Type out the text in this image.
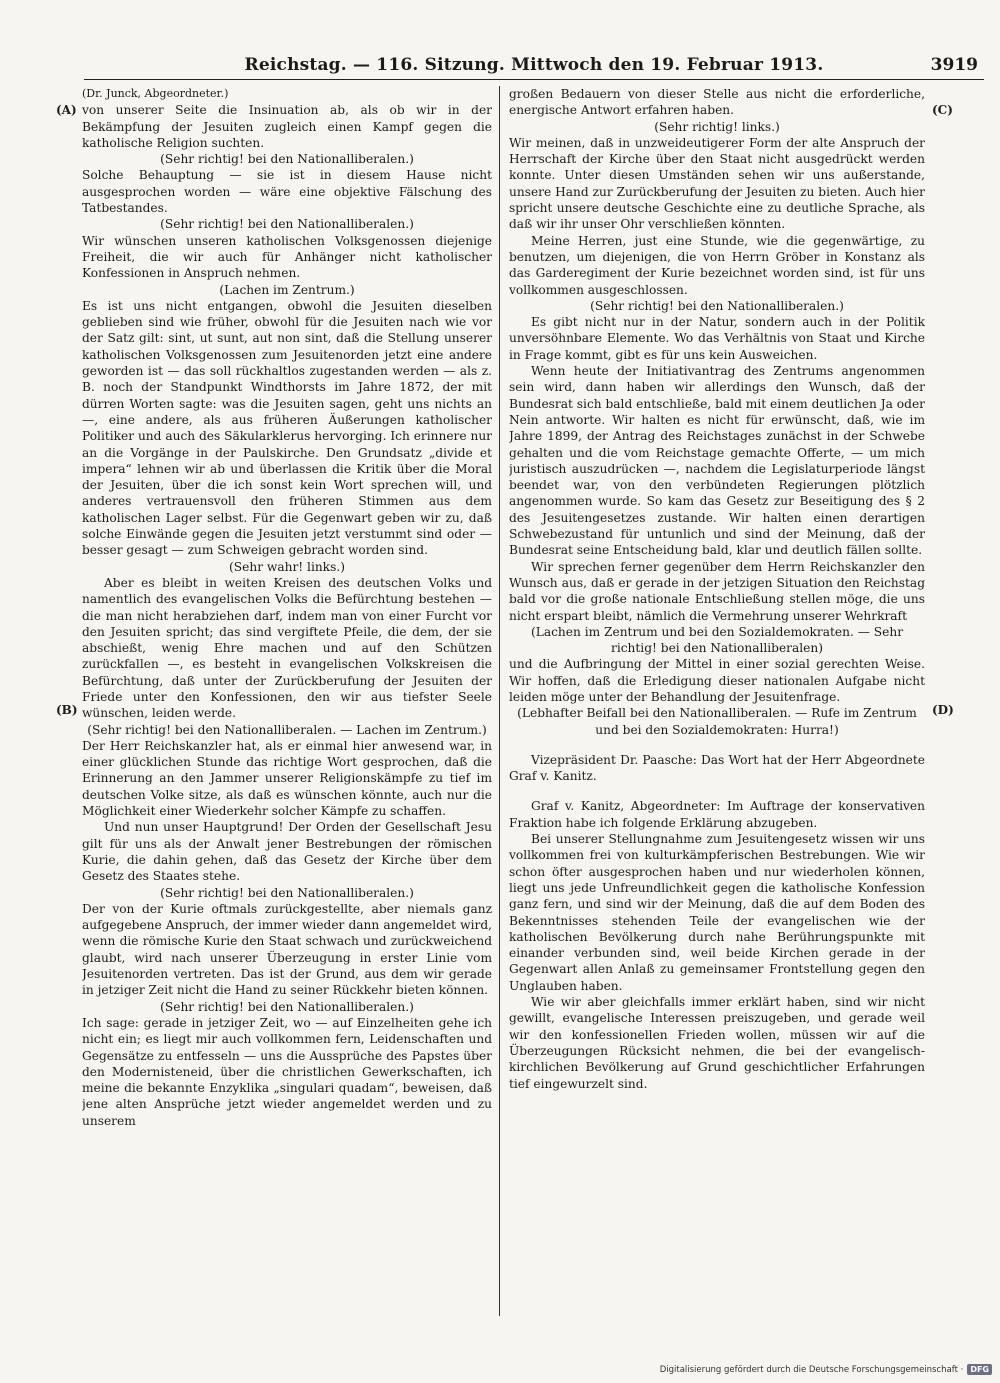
Reichstag. — 116. Sitzung. Mittwoch den 19. Februar 1913.	3919
(A)
(B)
(C)
(D)

(Dr. Junck, Abgeordneter.)

von unserer Seite die Insinuation ab, als ob wir in der Bekämpfung der Jesuiten zugleich einen Kampf gegen die katholische Religion suchten.

(Sehr richtig! bei den Nationalliberalen.)

Solche Behauptung — sie ist in diesem Hause nicht ausgesprochen worden — wäre eine objektive Fälschung des Tatbestandes.

(Sehr richtig! bei den Nationalliberalen.)

Wir wünschen unseren katholischen Volksgenossen diejenige Freiheit, die wir auch für Anhänger nicht katholischer Konfessionen in Anspruch nehmen.

(Lachen im Zentrum.)

Es ist uns nicht entgangen, obwohl die Jesuiten dieselben geblieben sind wie früher, obwohl für die Jesuiten nach wie vor der Satz gilt: sint, ut sunt, aut non sint, daß die Stellung unserer katholischen Volksgenossen zum Jesuitenorden jetzt eine andere geworden ist — das soll rückhaltlos zugestanden werden — als z. B. noch der Standpunkt Windthorsts im Jahre 1872, der mit dürren Worten sagte: was die Jesuiten sagen, geht uns nichts an —, eine andere, als aus früheren Äußerungen katholischer Politiker und auch des Säkularklerus hervorging. Ich erinnere nur an die Vorgänge in der Paulskirche. Den Grundsatz „divide et impera“ lehnen wir ab und überlassen die Kritik über die Moral der Jesuiten, über die ich sonst kein Wort sprechen will, und anderes vertrauensvoll den früheren Stimmen aus dem katholischen Lager selbst. Für die Gegenwart geben wir zu, daß solche Einwände gegen die Jesuiten jetzt verstummt sind oder — besser gesagt — zum Schweigen gebracht worden sind.

(Sehr wahr! links.)

Aber es bleibt in weiten Kreisen des deutschen Volks und namentlich des evangelischen Volks die Befürchtung bestehen — die man nicht herabziehen darf, indem man von einer Furcht vor den Jesuiten spricht; das sind vergiftete Pfeile, die dem, der sie abschießt, wenig Ehre machen und auf den Schützen zurückfallen —, es besteht in evangelischen Volkskreisen die Befürchtung, daß unter der Zurückberufung der Jesuiten der Friede unter den Konfessionen, den wir aus tiefster Seele wünschen, leiden werde.

(Sehr richtig! bei den Nationalliberalen. — Lachen im Zentrum.)

Der Herr Reichskanzler hat, als er einmal hier anwesend war, in einer glücklichen Stunde das richtige Wort gesprochen, daß die Erinnerung an den Jammer unserer Religionskämpfe zu tief im deutschen Volke sitze, als daß es wünschen könnte, auch nur die Möglichkeit einer Wiederkehr solcher Kämpfe zu schaffen.

Und nun unser Hauptgrund! Der Orden der Gesellschaft Jesu gilt für uns als der Anwalt jener Bestrebungen der römischen Kurie, die dahin gehen, daß das Gesetz der Kirche über dem Gesetz des Staates stehe.

(Sehr richtig! bei den Nationalliberalen.)

Der von der Kurie oftmals zurückgestellte, aber niemals ganz aufgegebene Anspruch, der immer wieder dann angemeldet wird, wenn die römische Kurie den Staat schwach und zurückweichend glaubt, wird nach unserer Überzeugung in erster Linie vom Jesuitenorden vertreten. Das ist der Grund, aus dem wir gerade in jetziger Zeit nicht die Hand zu seiner Rückkehr bieten können.

(Sehr richtig! bei den Nationalliberalen.)

Ich sage: gerade in jetziger Zeit, wo — auf Einzelheiten gehe ich nicht ein; es liegt mir auch vollkommen fern, Leidenschaften und Gegensätze zu entfesseln — uns die Aussprüche des Papstes über den Modernisteneid, über die christlichen Gewerkschaften, ich meine die bekannte Enzyklika „singulari quadam“, beweisen, daß jene alten Ansprüche jetzt wieder angemeldet werden und zu unserem

großen Bedauern von dieser Stelle aus nicht die erforderliche, energische Antwort erfahren haben.

(Sehr richtig! links.)

Wir meinen, daß in unzweideutigerer Form der alte Anspruch der Herrschaft der Kirche über den Staat nicht ausgedrückt werden konnte. Unter diesen Umständen sehen wir uns außerstande, unsere Hand zur Zurückberufung der Jesuiten zu bieten. Auch hier spricht unsere deutsche Geschichte eine zu deutliche Sprache, als daß wir ihr unser Ohr verschließen könnten.

Meine Herren, just eine Stunde, wie die gegenwärtige, zu benutzen, um diejenigen, die von Herrn Gröber in Konstanz als das Garderegiment der Kurie bezeichnet worden sind, ist für uns vollkommen ausgeschlossen.

(Sehr richtig! bei den Nationalliberalen.)

Es gibt nicht nur in der Natur, sondern auch in der Politik unversöhnbare Elemente. Wo das Verhältnis von Staat und Kirche in Frage kommt, gibt es für uns kein Ausweichen.

Wenn heute der Initiativantrag des Zentrums angenommen sein wird, dann haben wir allerdings den Wunsch, daß der Bundesrat sich bald entschließe, bald mit einem deutlichen Ja oder Nein antworte. Wir halten es nicht für erwünscht, daß, wie im Jahre 1899, der Antrag des Reichstages zunächst in der Schwebe gehalten und die vom Reichstage gemachte Offerte, — um mich juristisch auszudrücken —, nachdem die Legislaturperiode längst beendet war, von den verbündeten Regierungen plötzlich angenommen wurde. So kam das Gesetz zur Beseitigung des § 2 des Jesuitengesetzes zustande. Wir halten einen derartigen Schwebezustand für untunlich und sind der Meinung, daß der Bundesrat seine Entscheidung bald, klar und deutlich fällen sollte.

Wir sprechen ferner gegenüber dem Herrn Reichskanzler den Wunsch aus, daß er gerade in der jetzigen Situation den Reichstag bald vor die große nationale Entschließung stellen möge, die uns nicht erspart bleibt, nämlich die Vermehrung unserer Wehrkraft

(Lachen im Zentrum und bei den Sozialdemokraten. — Sehr richtig! bei den Nationalliberalen)

und die Aufbringung der Mittel in einer sozial gerechten Weise. Wir hoffen, daß die Erledigung dieser nationalen Aufgabe nicht leiden möge unter der Behandlung der Jesuitenfrage.

(Lebhafter Beifall bei den Nationalliberalen. — Rufe im Zentrum und bei den Sozialdemokraten: Hurra!)

Vizepräsident Dr. Paasche: Das Wort hat der Herr Abgeordnete Graf v. Kanitz.

Graf v. Kanitz, Abgeordneter: Im Auftrage der konservativen Fraktion habe ich folgende Erklärung abzugeben.

Bei unserer Stellungnahme zum Jesuitengesetz wissen wir uns vollkommen frei von kulturkämpferischen Bestrebungen. Wie wir schon öfter ausgesprochen haben und nur wiederholen können, liegt uns jede Unfreundlichkeit gegen die katholische Konfession ganz fern, und sind wir der Meinung, daß die auf dem Boden des Bekenntnisses stehenden Teile der evangelischen wie der katholischen Bevölkerung durch nahe Berührungspunkte mit einander verbunden sind, weil beide Kirchen gerade in der Gegenwart allen Anlaß zu gemeinsamer Frontstellung gegen den Unglauben haben.

Wie wir aber gleichfalls immer erklärt haben, sind wir nicht gewillt, evangelische Interessen preiszugeben, und gerade weil wir den konfessionellen Frieden wollen, müssen wir auf die Überzeugungen Rücksicht nehmen, die bei der evangelisch-kirchlichen Bevölkerung auf Grund geschichtlicher Erfahrungen tief eingewurzelt sind.

Digitalisierung gefördert durch die Deutsche Forschungsgemeinschaft · DFG
